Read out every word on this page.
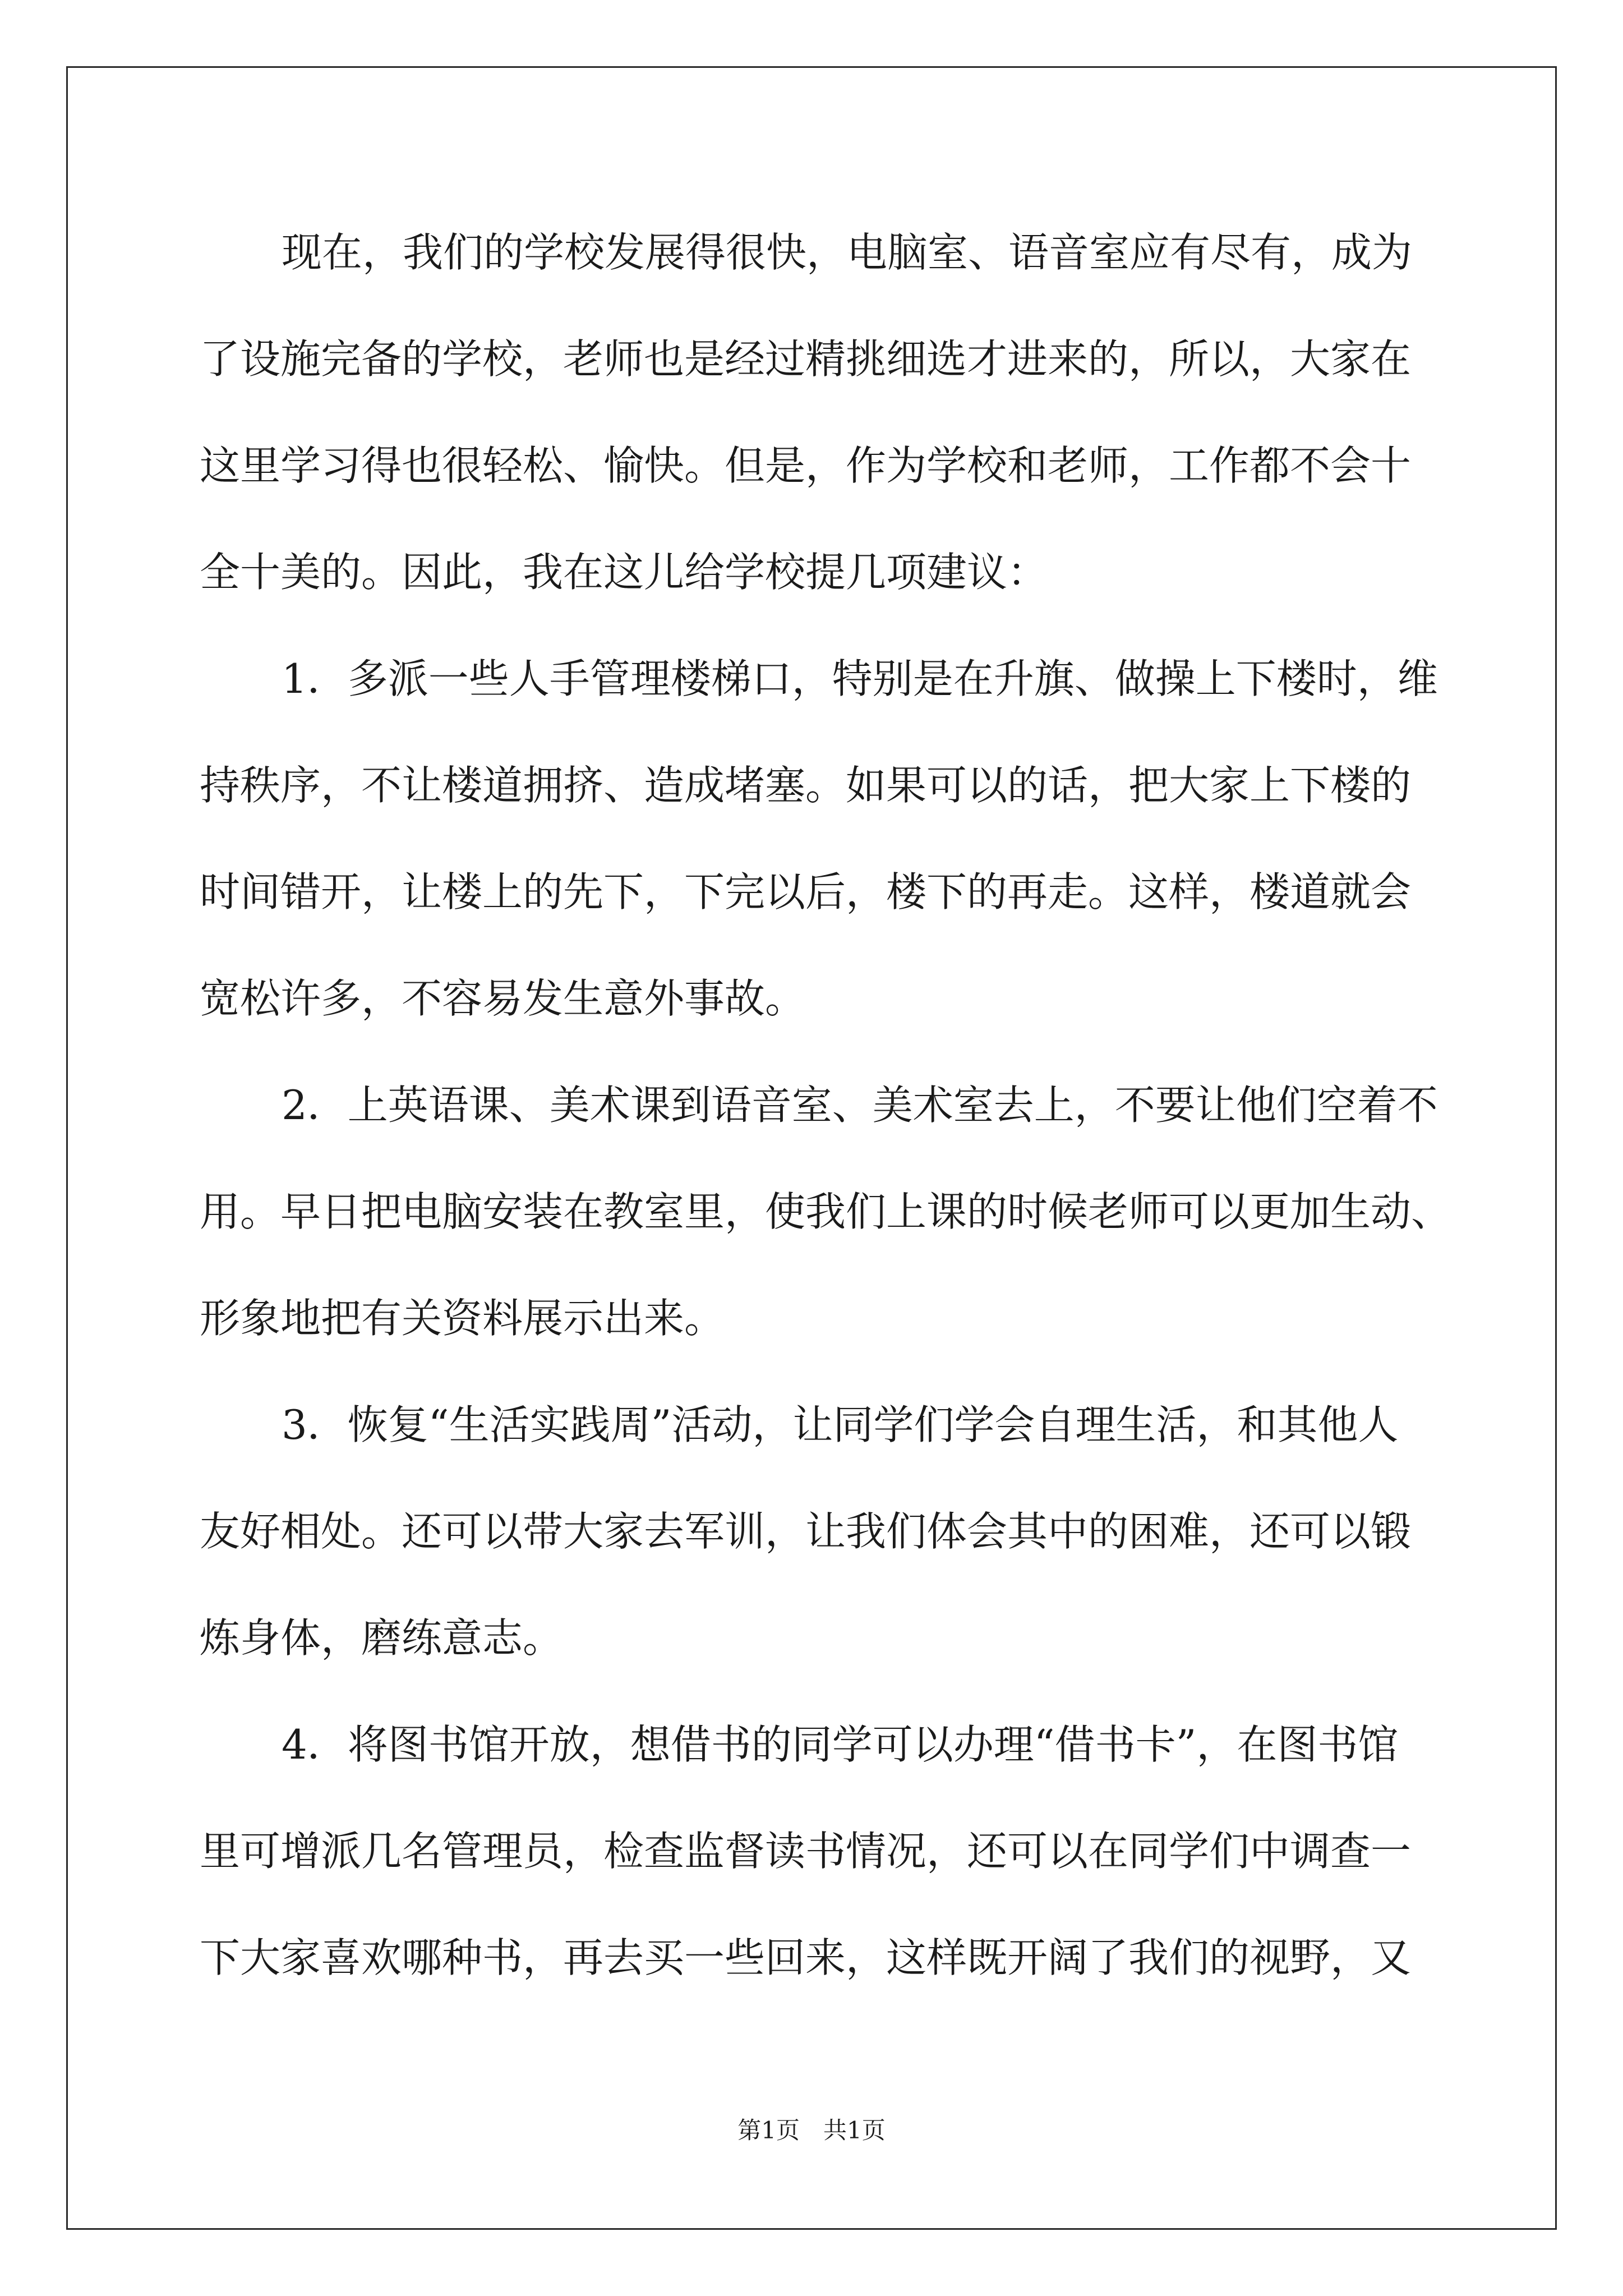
现在，我们的学校发展得很快，电脑室、语音室应有尽有，成为
了设施完备的学校，老师也是经过精挑细选才进来的，所以，大家在
这里学习得也很轻松、愉快。但是，作为学校和老师，工作都不会十
全十美的。因此，我在这儿给学校提几项建议：
1．多派一些人手管理楼梯口，特别是在升旗、做操上下楼时，维
持秩序，不让楼道拥挤、造成堵塞。如果可以的话，把大家上下楼的
时间错开，让楼上的先下，下完以后，楼下的再走。这样，楼道就会
宽松许多，不容易发生意外事故。
2．上英语课、美术课到语音室、美术室去上，不要让他们空着不
用。早日把电脑安装在教室里，使我们上课的时候老师可以更加生动、
形象地把有关资料展示出来。
3．恢复“生活实践周”活动，让同学们学会自理生活，和其他人
友好相处。还可以带大家去军训，让我们体会其中的困难，还可以锻
炼身体，磨练意志。
4．将图书馆开放，想借书的同学可以办理“借书卡”，在图书馆
里可增派几名管理员，检查监督读书情况，还可以在同学们中调查一
下大家喜欢哪种书，再去买一些回来，这样既开阔了我们的视野，又
第1页　共1页
